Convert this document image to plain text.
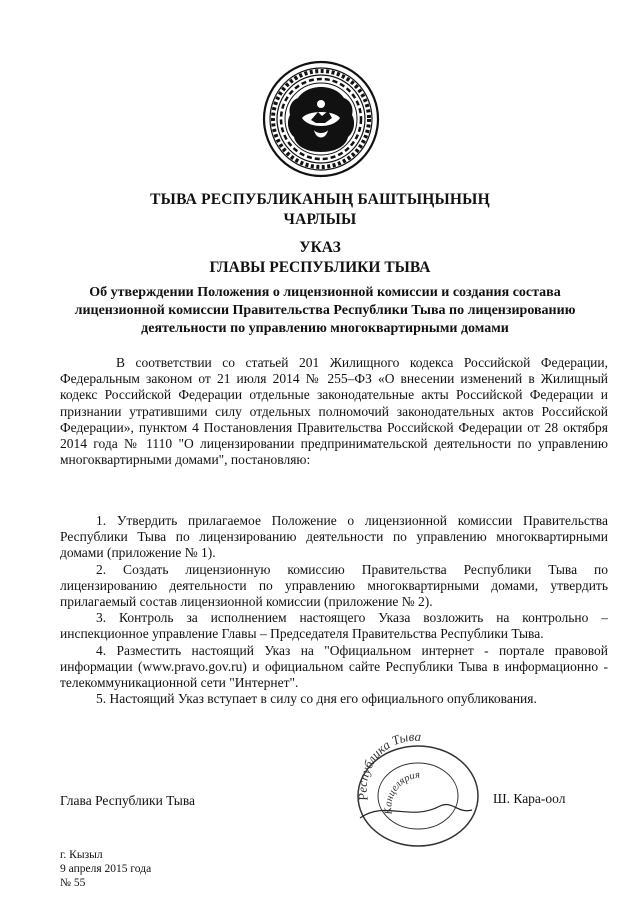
ТЫВА РЕСПУБЛИКАНЫҢ БАШТЫҢЫНЫҢ
ЧАРЛЫЫ
УКАЗ
ГЛАВЫ РЕСПУБЛИКИ ТЫВА
Об утверждении Положения о лицензионной комиссии и создания состава лицензионной комиссии Правительства Республики Тыва по лицензированию деятельности по управлению многоквартирными домами
В соответствии со статьей 201 Жилищного кодекса Российской Федерации, Федеральным законом от 21 июля 2014 № 255–ФЗ «О внесении изменений в Жилищный кодекс Российской Федерации отдельные законодательные акты Российской Федерации и признании утратившими силу отдельных полномочий законодательных актов Российской Федерации», пунктом 4 Постановления Правительства Российской Федерации от 28 октября 2014 года № 1110 "О лицензировании предпринимательской деятельности по управлению многоквартирными домами", постановляю:
1. Утвердить прилагаемое Положение о лицензионной комиссии Правительства Республики Тыва по лицензированию деятельности по управлению многоквартирными домами (приложение № 1).
2. Создать лицензионную комиссию Правительства Республики Тыва по лицензированию деятельности по управлению многоквартирными домами, утвердить прилагаемый состав лицензионной комиссии (приложение № 2).
3. Контроль за исполнением настоящего Указа возложить на контрольно – инспекционное управление Главы – Председателя Правительства Республики Тыва.
4. Разместить настоящий Указ на "Официальном интернет - портале правовой информации (www.pravo.gov.ru) и официальном сайте Республики Тыва в информационно - телекоммуникационной сети "Интернет".
5. Настоящий Указ вступает в силу со дня его официального опубликования.
Республика Тыва
Канцелярия
Глава Республики Тыва	Ш. Кара-оол
г. Кызыл
9 апреля 2015 года
№ 55
